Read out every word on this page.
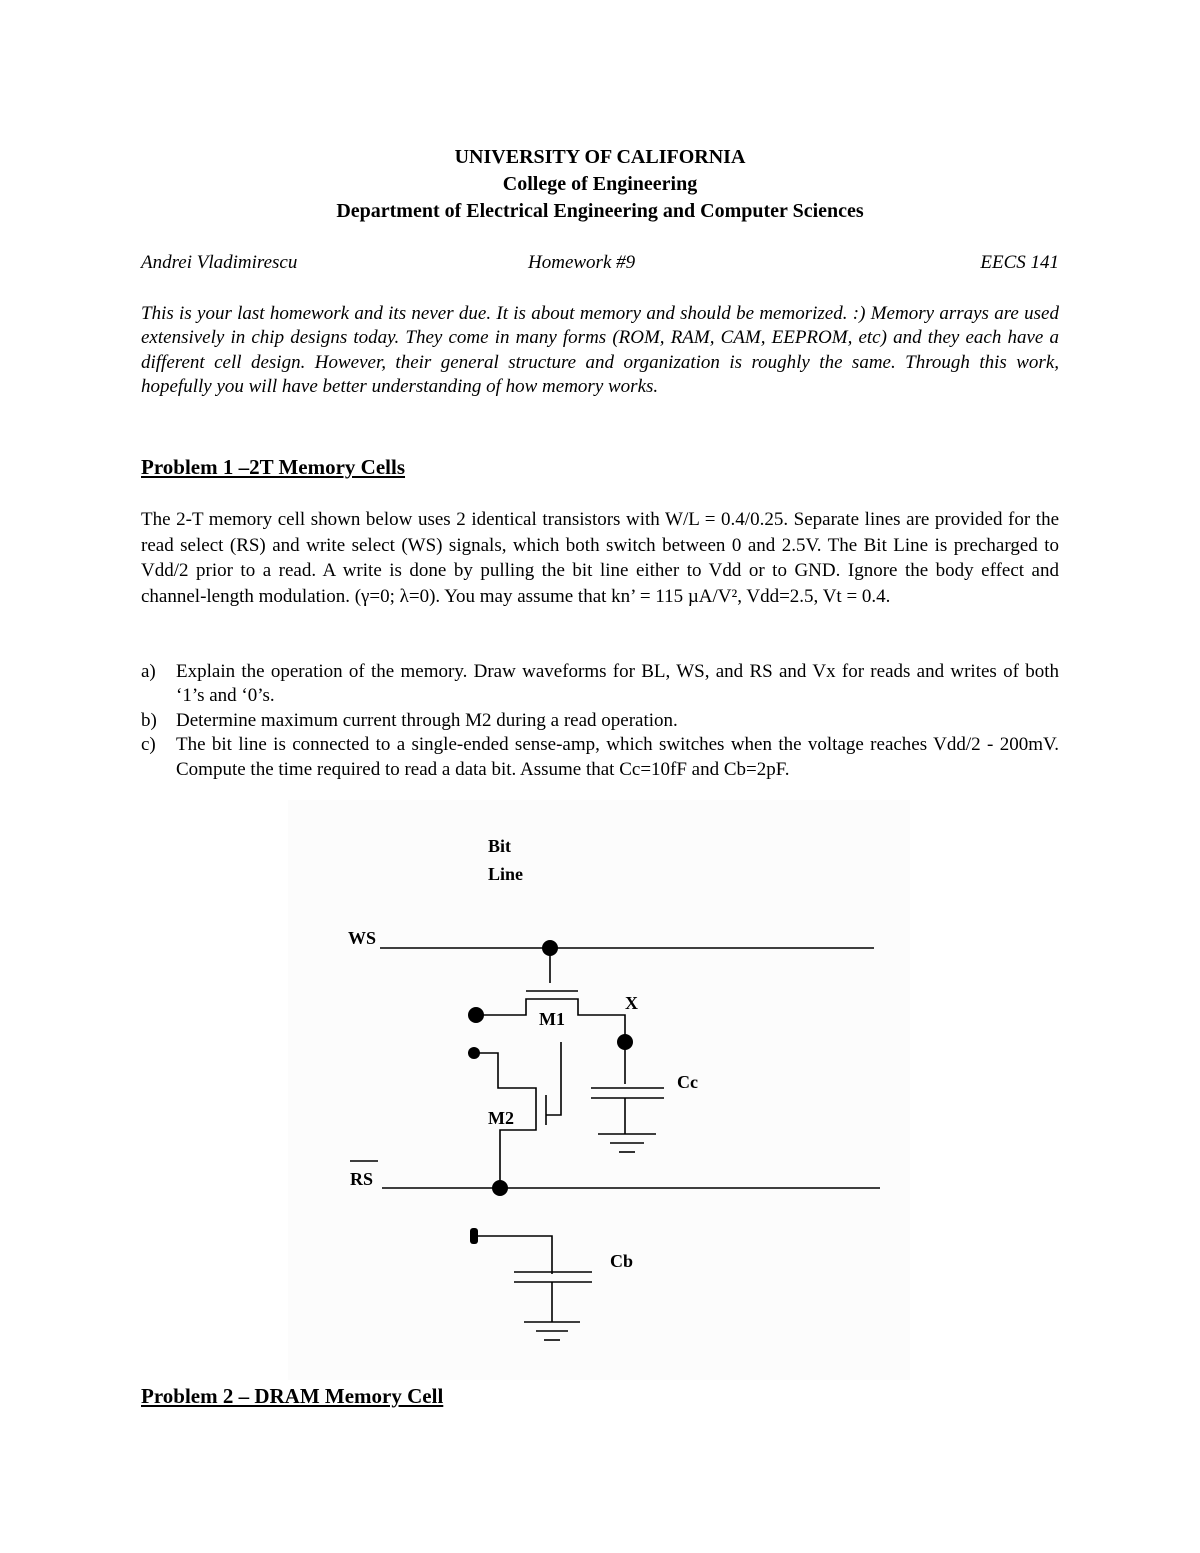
UNIVERSITY OF CALIFORNIA
College of Engineering
Department of Electrical Engineering and Computer Sciences
Andrei Vladimirescu	Homework #9	EECS 141
This is your last homework and its never due. It is about memory and should be memorized. :) Memory arrays are used extensively in chip designs today. They come in many forms (ROM, RAM, CAM, EEPROM, etc) and they each have a different cell design. However, their general structure and organization is roughly the same. Through this work, hopefully you will have better understanding of how memory works.
Problem 1 –2T Memory Cells
The 2-T memory cell shown below uses 2 identical transistors with W/L = 0.4/0.25. Separate lines are provided for the read select (RS) and write select (WS) signals, which both switch between 0 and 2.5V. The Bit Line is precharged to Vdd/2 prior to a read. A write is done by pulling the bit line either to Vdd or to GND. Ignore the body effect and channel-length modulation. (γ=0; λ=0). You may assume that kn’ = 115 µA/V², Vdd=2.5, Vt = 0.4.
a)	Explain the operation of the memory. Draw waveforms for BL, WS, and RS and Vx for reads and writes of both ‘1’s and ‘0’s.
b)	Determine maximum current through M2 during a read operation.
c)	The bit line is connected to a single-ended sense-amp, which switches when the voltage reaches Vdd/2 - 200mV. Compute the time required to read a data bit. Assume that Cc=10fF and Cb=2pF.
Bit
Line
WS
RS
M1
M2
X
Cc
Cb
Problem 2 – DRAM Memory Cell
